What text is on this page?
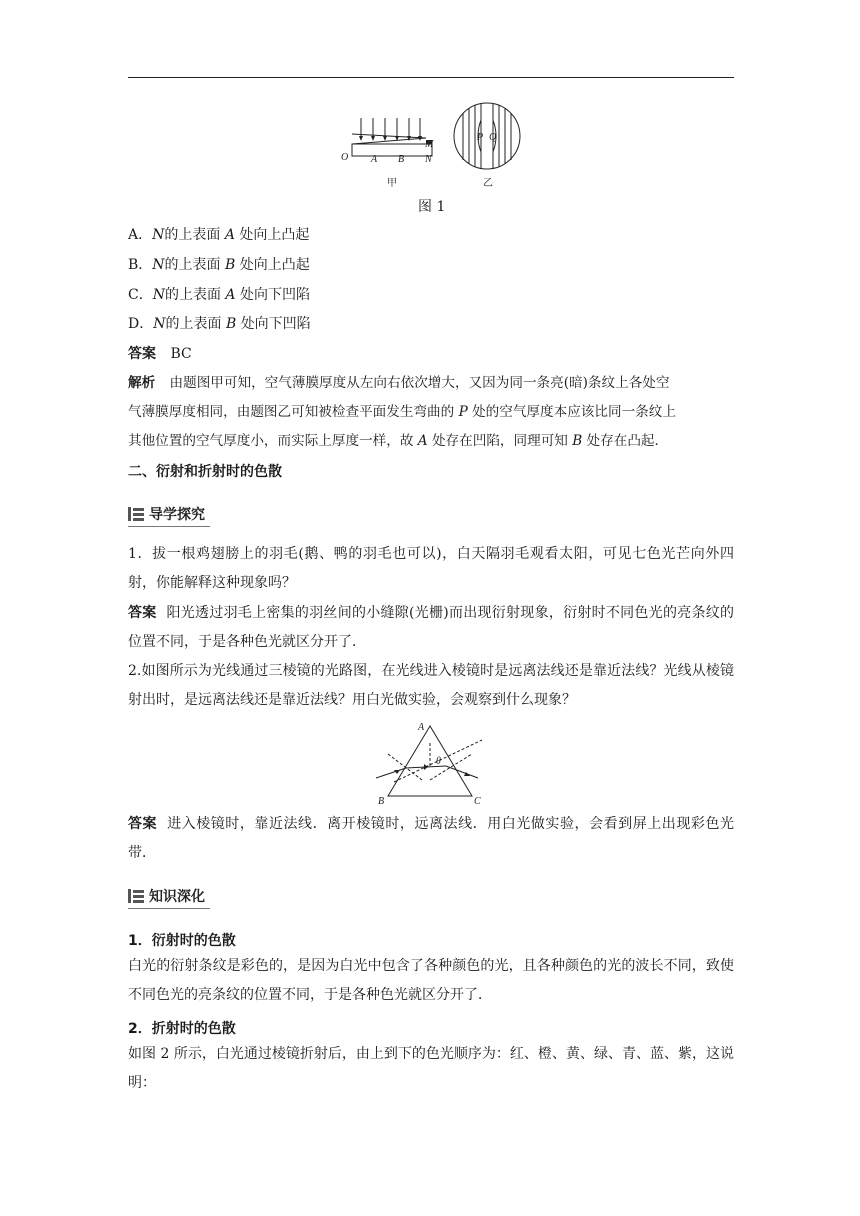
O A B
M
N
P Q
甲	乙
图 1
A．N的上表面 A 处向上凸起
B．N的上表面 B 处向上凸起
C．N的上表面 A 处向下凹陷
D．N的上表面 B 处向下凹陷
答案 BC
解析 由题图甲可知，空气薄膜厚度从左向右依次增大，又因为同一条亮(暗)条纹上各处空
气薄膜厚度相同，由题图乙可知被检查平面发生弯曲的 P 处的空气厚度本应该比同一条纹上
其他位置的空气厚度小，而实际上厚度一样，故 A 处存在凹陷，同理可知 B 处存在凸起．
二、衍射和折射时的色散
导学探究
1．拔一根鸡翅膀上的羽毛(鹅、鸭的羽毛也可以)，白天隔羽毛观看太阳，可见七色光芒向外四射，你能解释这种现象吗？
答案 阳光透过羽毛上密集的羽丝间的小缝隙(光栅)而出现衍射现象，衍射时不同色光的亮条纹的位置不同，于是各种色光就区分开了．
2.如图所示为光线通过三棱镜的光路图，在光线进入棱镜时是远离法线还是靠近法线？光线从棱镜射出时，是远离法线还是靠近法线？用白光做实验，会观察到什么现象？
A
B	C
θ
答案 进入棱镜时，靠近法线．离开棱镜时，远离法线．用白光做实验，会看到屏上出现彩色光带．
知识深化
1．衍射时的色散
白光的衍射条纹是彩色的，是因为白光中包含了各种颜色的光，且各种颜色的光的波长不同，致使不同色光的亮条纹的位置不同，于是各种色光就区分开了．
2．折射时的色散
如图 2 所示，白光通过棱镜折射后，由上到下的色光顺序为：红、橙、黄、绿、青、蓝、紫，这说明：
